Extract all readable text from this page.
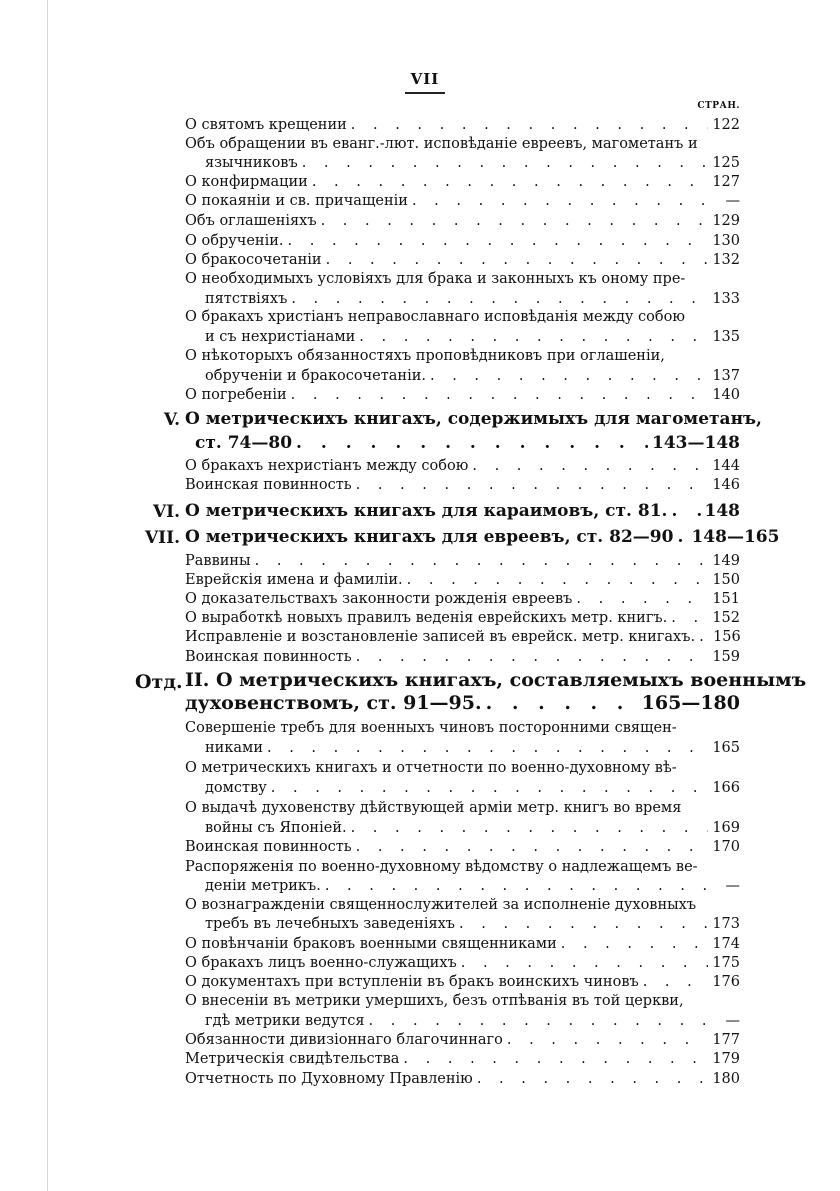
VII
СТРАН.
О святомъ крещении . . .	122
Объ обращении въ еванг.-лют. исповѣданіе евреевъ, магометанъ и
язычниковъ . . .	125
О конфирмации . . .	127
О покаяніи и св. причащеніи . . .	—
Объ оглашеніяхъ . . .	129
О обрученіи. . . .	130
О бракосочетаніи . . .	132
О необходимыхъ условіяхъ для брака и законныхъ къ оному пре-
пятствіяхъ . . .	133
О бракахъ христіанъ неправославнаго исповѣданія между собою
и съ нехристіанами . . .	135
О нѣкоторыхъ обязанностяхъ проповѣдниковъ при оглашеніи,
обрученіи и бракосочетаніи. . . .	137
О погребеніи . . .	140
V. О метрическихъ книгахъ, содержимыхъ для магометанъ,
ст. 74—80 . . .	143—148
О бракахъ нехристіанъ между собою . . .	144
Воинская повинность . . .	146
VI. О метрическихъ книгахъ для караимовъ, ст. 81. . . . 148
VII. О метрическихъ книгахъ для евреевъ, ст. 82—90 . . . 148—165
Раввины . . .	149
Еврейскія имена и фамиліи. . . .	150
О доказательствахъ законности рожденія евреевъ . . .	151
О выработкѣ новыхъ правилъ веденія еврейскихъ метр. книгъ. . . .	152
Исправленіе и возстановленіе записей въ еврейск. метр. книгахъ. . . . 156
Воинская повинность . . .	159
Отд. II. О метрическихъ книгахъ, составляемыхъ военнымъ
духовенствомъ, ст. 91—95. . . .	165—180
Совершеніе требъ для военныхъ чиновъ посторонними священ-
никами . . .	165
О метрическихъ книгахъ и отчетности по военно-духовному вѣ-
домству . . .	166
О выдачѣ духовенству дѣйствующей арміи метр. книгъ во время
войны съ Японіей. . . .	169
Воинская повинность . . .	170
Распоряженія по военно-духовному вѣдомству о надлежащемъ ве-
деніи метрикъ. . . .	—
О вознагражденіи священнослужителей за исполненіе духовныхъ
требъ въ лечебныхъ заведеніяхъ . . .	173
О повѣнчаніи браковъ военными священниками . . .	174
О бракахъ лицъ военно-служащихъ . . .	175
О документахъ при вступленіи въ бракъ воинскихъ чиновъ . . .	176
О внесеніи въ метрики умершихъ, безъ отпѣванія въ той церкви,
гдѣ метрики ведутся . . .	—
Обязанности дивизіоннаго благочиннаго . . .	177
Метрическія свидѣтельства . . .	179
Отчетность по Духовному Правленію . . .	180
